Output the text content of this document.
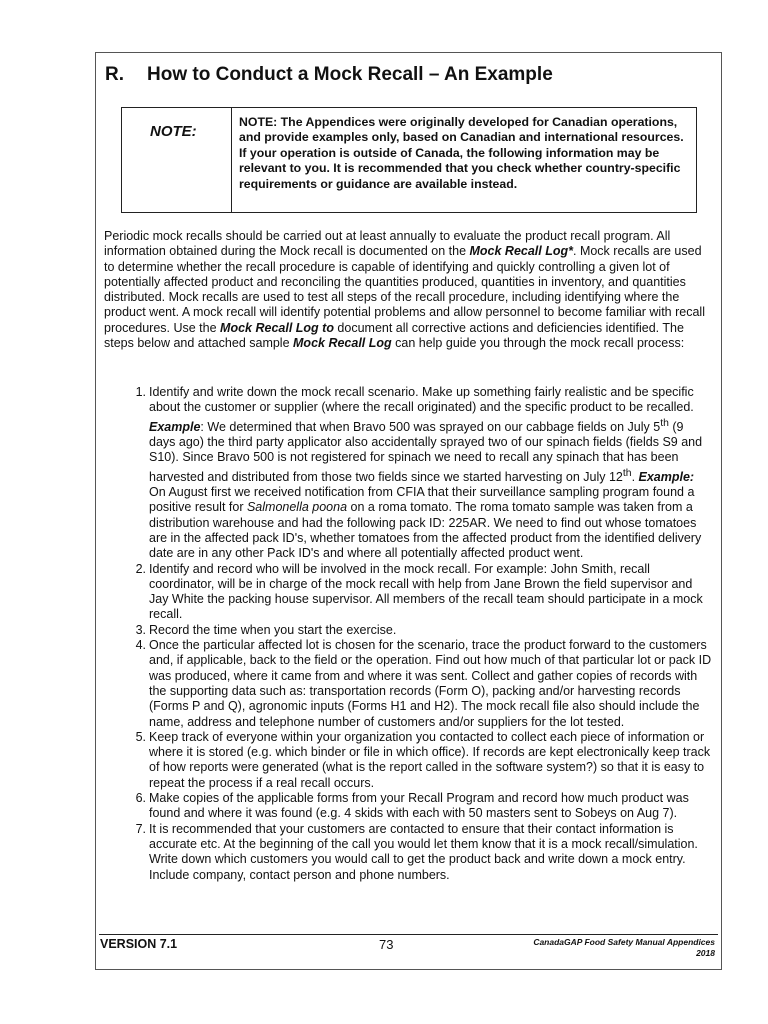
R. How to Conduct a Mock Recall – An Example
NOTE:
NOTE: The Appendices were originally developed for Canadian operations, and provide examples only, based on Canadian and international resources. If your operation is outside of Canada, the following information may be relevant to you. It is recommended that you check whether country-specific requirements or guidance are available instead.

Periodic mock recalls should be carried out at least annually to evaluate the product recall program. All information obtained during the Mock recall is documented on the Mock Recall Log*. Mock recalls are used to determine whether the recall procedure is capable of identifying and quickly controlling a given lot of potentially affected product and reconciling the quantities produced, quantities in inventory, and quantities distributed. Mock recalls are used to test all steps of the recall procedure, including identifying where the product went. A mock recall will identify potential problems and allow personnel to become familiar with recall procedures. Use the Mock Recall Log to document all corrective actions and deficiencies identified. The steps below and attached sample Mock Recall Log can help guide you through the mock recall process:

1. Identify and write down the mock recall scenario. Make up something fairly realistic and be specific about the customer or supplier (where the recall originated) and the specific product to be recalled. Example: We determined that when Bravo 500 was sprayed on our cabbage fields on July 5th (9 days ago) the third party applicator also accidentally sprayed two of our spinach fields (fields S9 and S10). Since Bravo 500 is not registered for spinach we need to recall any spinach that has been harvested and distributed from those two fields since we started harvesting on July 12th. Example: On August first we received notification from CFIA that their surveillance sampling program found a positive result for Salmonella poona on a roma tomato. The roma tomato sample was taken from a distribution warehouse and had the following pack ID: 225AR. We need to find out whose tomatoes are in the affected pack ID's, whether tomatoes from the affected product from the identified delivery date are in any other Pack ID's and where all potentially affected product went.
2. Identify and record who will be involved in the mock recall. For example: John Smith, recall coordinator, will be in charge of the mock recall with help from Jane Brown the field supervisor and Jay White the packing house supervisor. All members of the recall team should participate in a mock recall.
3. Record the time when you start the exercise.
4. Once the particular affected lot is chosen for the scenario, trace the product forward to the customers and, if applicable, back to the field or the operation. Find out how much of that particular lot or pack ID was produced, where it came from and where it was sent. Collect and gather copies of records with the supporting data such as: transportation records (Form O), packing and/or harvesting records (Forms P and Q), agronomic inputs (Forms H1 and H2). The mock recall file also should include the name, address and telephone number of customers and/or suppliers for the lot tested.
5. Keep track of everyone within your organization you contacted to collect each piece of information or where it is stored (e.g. which binder or file in which office). If records are kept electronically keep track of how reports were generated (what is the report called in the software system?) so that it is easy to repeat the process if a real recall occurs.
6. Make copies of the applicable forms from your Recall Program and record how much product was found and where it was found (e.g. 4 skids with each with 50 masters sent to Sobeys on Aug 7).
7. It is recommended that your customers are contacted to ensure that their contact information is accurate etc. At the beginning of the call you would let them know that it is a mock recall/simulation. Write down which customers you would call to get the product back and write down a mock entry. Include company, contact person and phone numbers.
VERSION 7.1	73	CanadaGAP Food Safety Manual Appendices
2018
